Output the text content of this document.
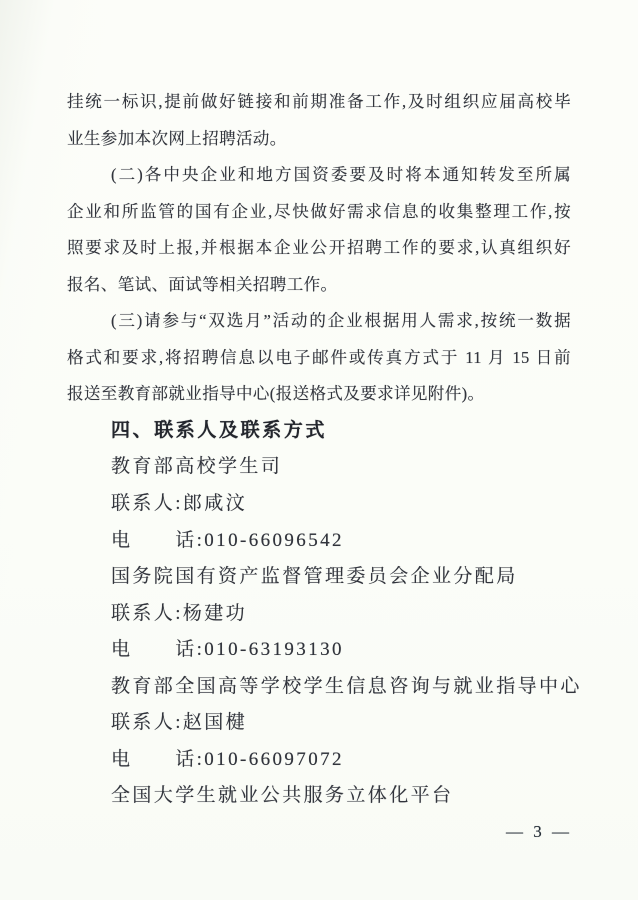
挂统一标识,提前做好链接和前期准备工作,及时组织应届高校毕
业生参加本次网上招聘活动。
(二)各中央企业和地方国资委要及时将本通知转发至所属
企业和所监管的国有企业,尽快做好需求信息的收集整理工作,按
照要求及时上报,并根据本企业公开招聘工作的要求,认真组织好
报名、笔试、面试等相关招聘工作。
(三)请参与“双选月”活动的企业根据用人需求,按统一数据
格式和要求,将招聘信息以电子邮件或传真方式于 11 月 15 日前
报送至教育部就业指导中心(报送格式及要求详见附件)。
四、联系人及联系方式
教育部高校学生司
联系人:郎咸汶
电　　话:010-66096542
国务院国有资产监督管理委员会企业分配局
联系人:杨建功
电　　话:010-63193130
教育部全国高等学校学生信息咨询与就业指导中心
联系人:赵国楗
电　　话:010-66097072
全国大学生就业公共服务立体化平台
— 3 —
